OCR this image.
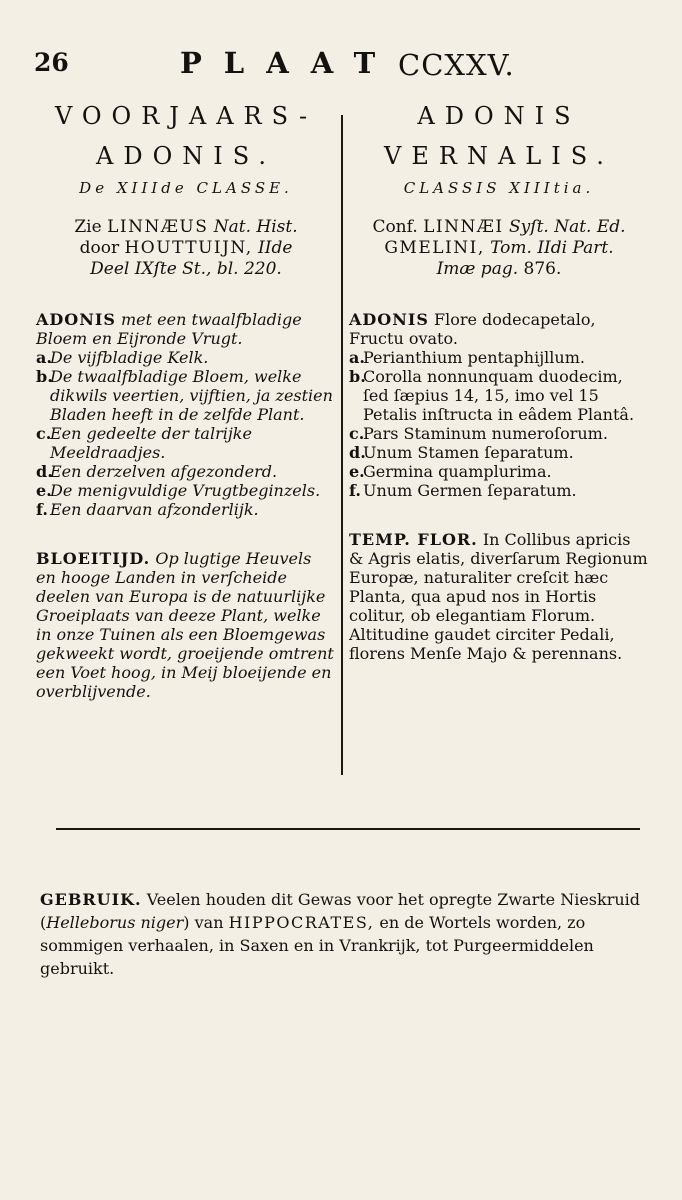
26	PLAAT CCXXV.

VOORJAARS-

ADONIS.

De XIIIde CLASSE.

Zie LINNÆUS Nat. Hist.
door HOUTTUIJN, IIde
Deel IXſte St., bl. 220.

ADONIS met een twaalfbladige Bloem en Eijronde Vrugt.

a.
De vijfbladige Kelk.
b.
De twaalfbladige Bloem, welke dikwils veertien, vijftien, ja zestien Bladen heeft in de zelfde Plant.
c.
Een gedeelte der talrijke Meeldraadjes.
d.
Een derzelven afgezonderd.
e.
De menigvuldige Vrugtbeginzels.
f. Een daarvan afzonderlijk.

BLOEITIJD. Op lugtige Heuvels en hooge Landen in verſcheide deelen van Europa is de natuurlijke Groeiplaats van deeze Plant, welke in onze Tuinen als een Bloemgewas gekweekt wordt, groeijende omtrent een Voet hoog, in Meij bloeijende en overblijvende.

ADONIS

VERNALIS.

CLASSIS XIIItia.

Conf. LINNÆI Syſt. Nat. Ed.
GMELINI, Tom. IIdi Part.
Imæ pag. 876.

ADONIS Flore dodecapetalo, Fructu ovato.

a.
Perianthium pentaphijllum.
b.
Corolla nonnunquam duodecim, ſed ſæpius 14, 15, imo vel 15 Petalis inſtructa in eâdem Plantâ.
c.
Pars Staminum numeroſorum.
d.
Unum Stamen ſeparatum.
e.
Germina quamplurima.
f. Unum Germen ſeparatum.

TEMP. FLOR. In Collibus apricis & Agris elatis, diverſarum Regionum Europæ, naturaliter creſcit hæc Planta, qua apud nos in Hortis colitur, ob elegantiam Florum. Altitudine gaudet circiter Pedali, florens Menſe Majo & perennans.

GEBRUIK. Veelen houden dit Gewas voor het opregte Zwarte Nieskruid (Helleborus niger) van HIPPOCRATES, en de Wortels worden, zo sommigen verhaalen, in Saxen en in Vrankrijk, tot Purgeermiddelen gebruikt.
